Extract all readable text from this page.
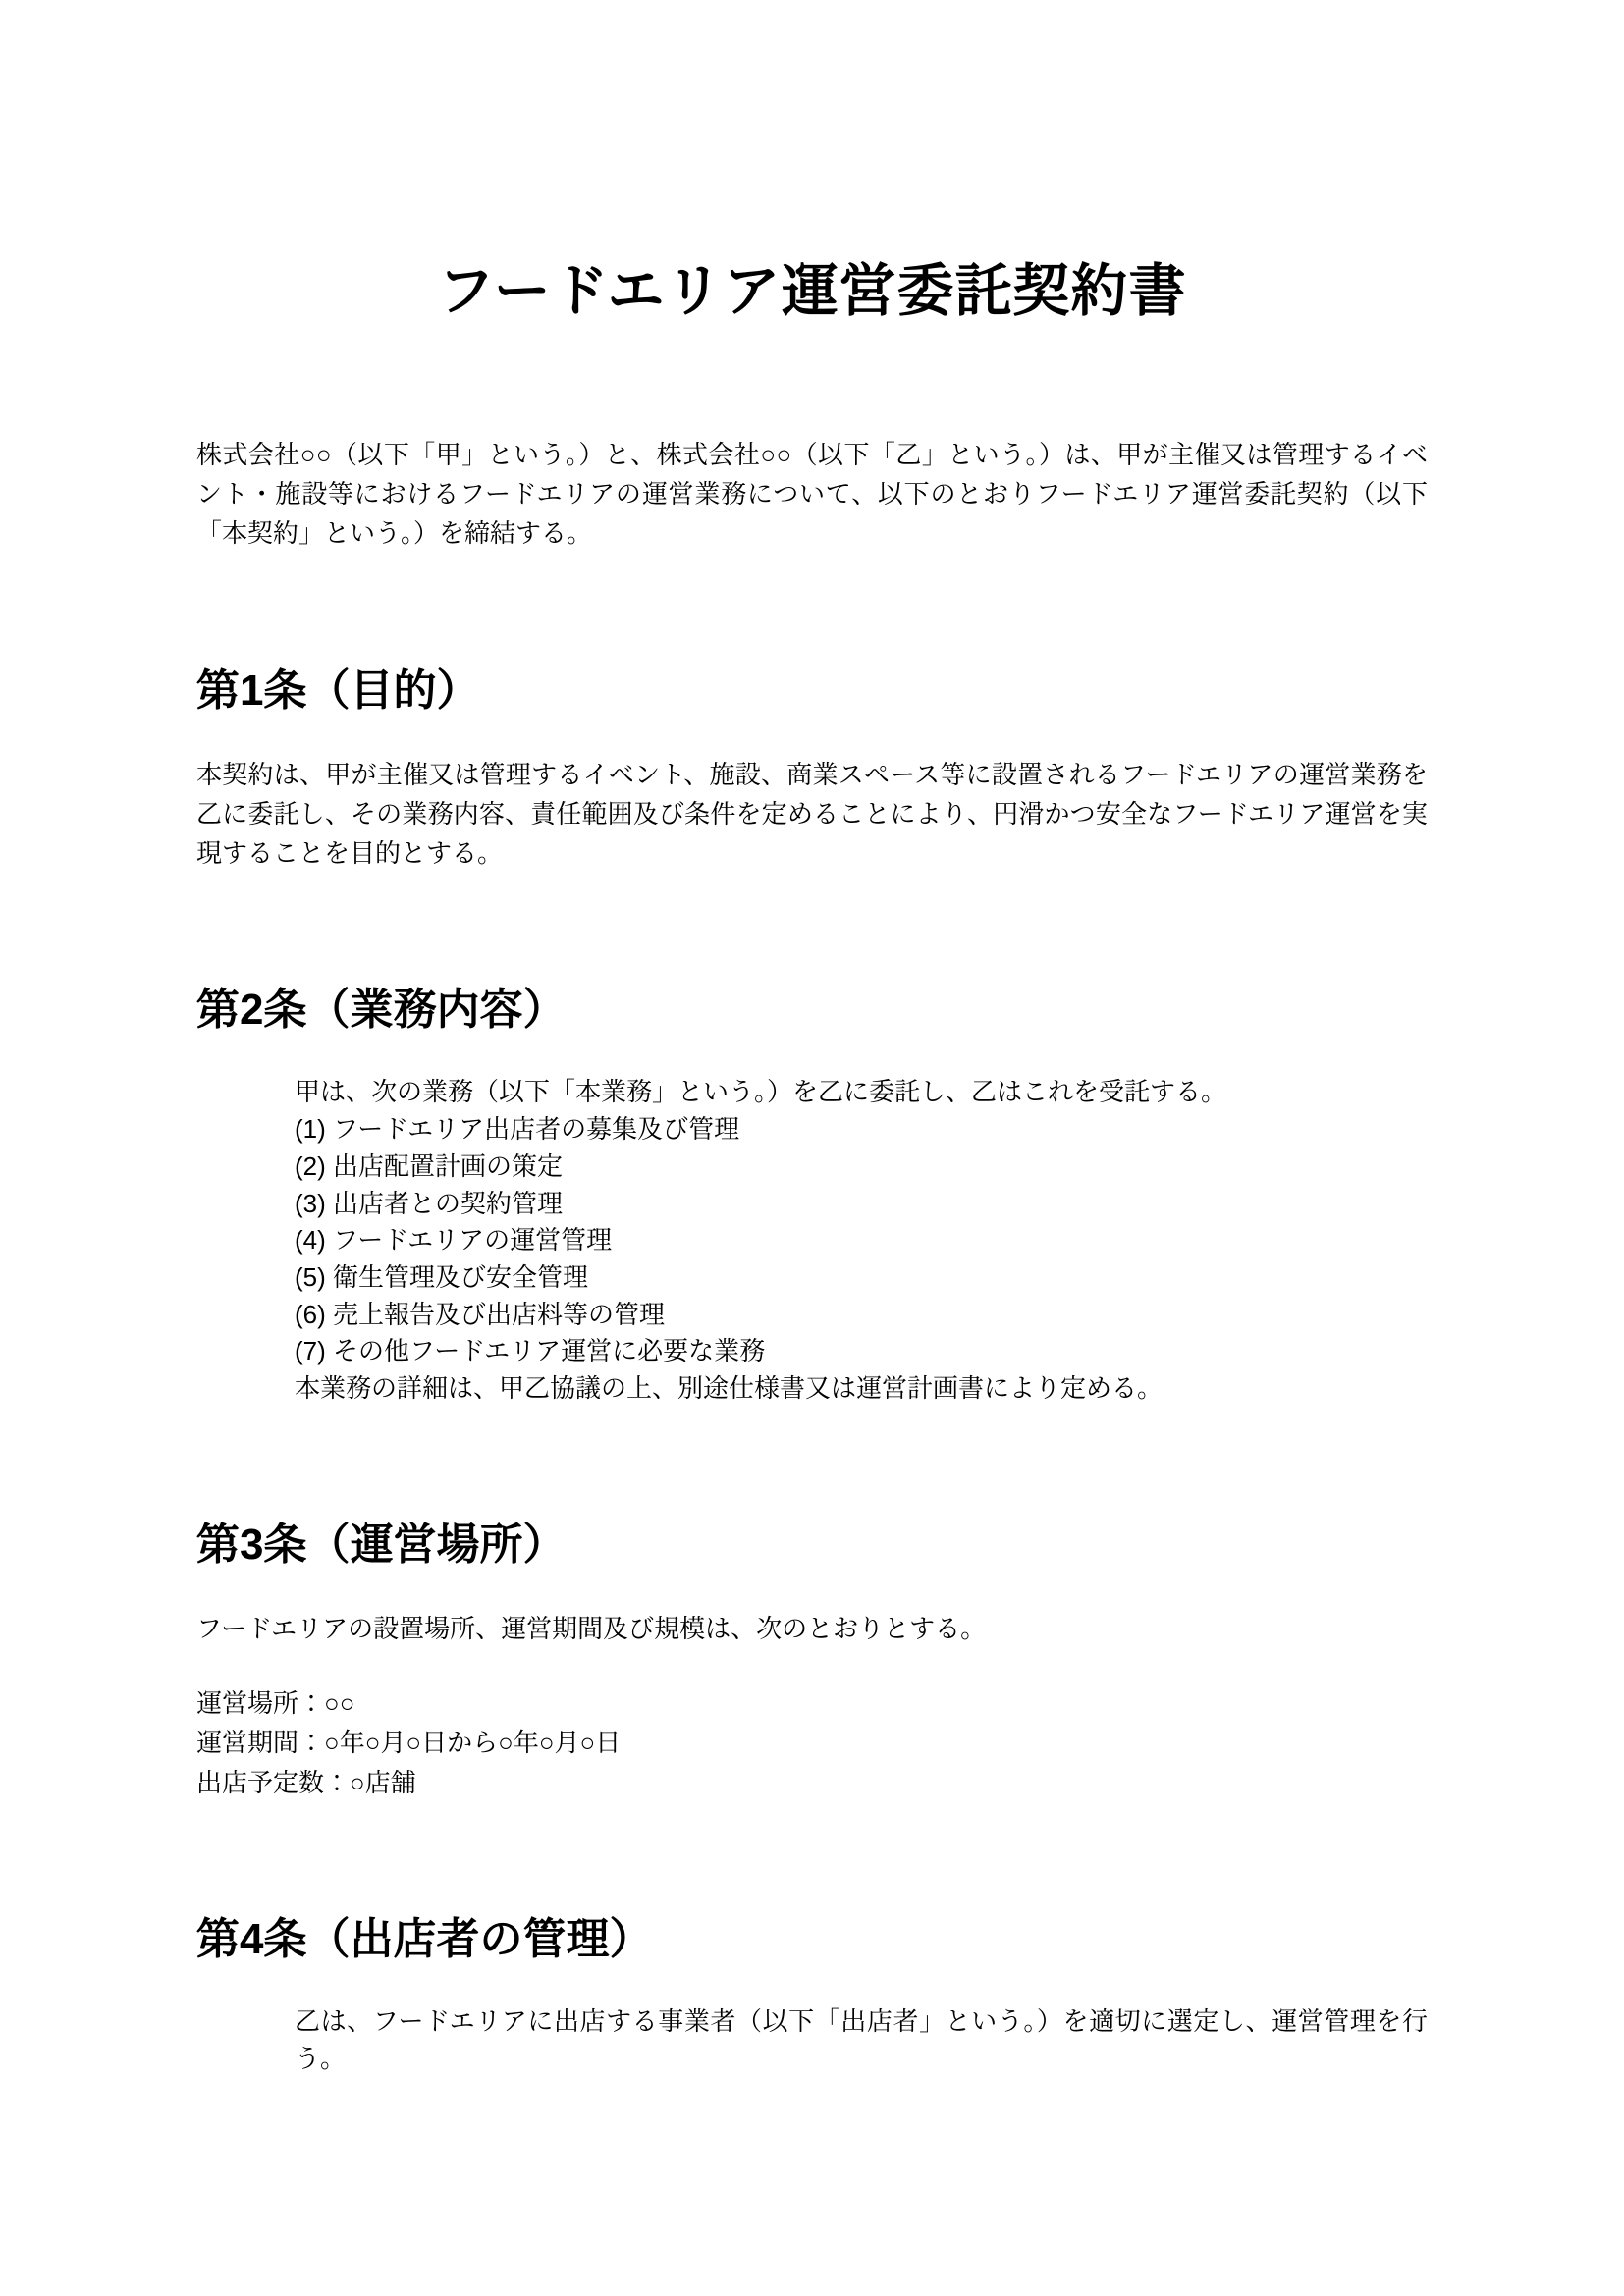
フードエリア運営委託契約書

株式会社○○（以下「甲」という。）と、株式会社○○（以下「乙」という。）は、甲が主催又は管理するイベント・施設等におけるフードエリアの運営業務について、以下のとおりフードエリア運営委託契約（以下「本契約」という。）を締結する。

第1条（目的）

本契約は、甲が主催又は管理するイベント、施設、商業スペース等に設置されるフードエリアの運営業務を乙に委託し、その業務内容、責任範囲及び条件を定めることにより、円滑かつ安全なフードエリア運営を実現することを目的とする。

第2条（業務内容）

甲は、次の業務（以下「本業務」という。）を乙に委託し、乙はこれを受託する。

(1) フードエリア出店者の募集及び管理

(2) 出店配置計画の策定

(3) 出店者との契約管理

(4) フードエリアの運営管理

(5) 衛生管理及び安全管理

(6) 売上報告及び出店料等の管理

(7) その他フードエリア運営に必要な業務

本業務の詳細は、甲乙協議の上、別途仕様書又は運営計画書により定める。

第3条（運営場所）

フードエリアの設置場所、運営期間及び規模は、次のとおりとする。

運営場所：○○

運営期間：○年○月○日から○年○月○日

出店予定数：○店舗

第4条（出店者の管理）

乙は、フードエリアに出店する事業者（以下「出店者」という。）を適切に選定し、運営管理を行う。
